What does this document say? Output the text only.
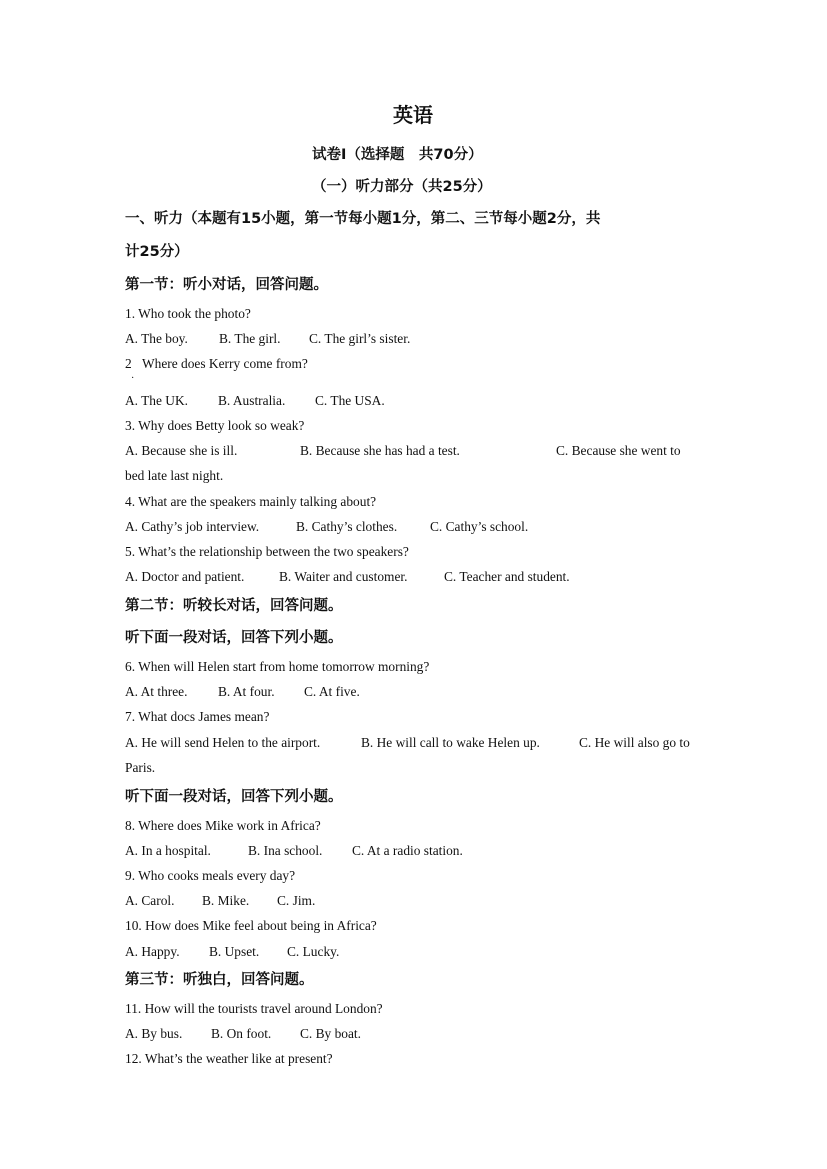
英语
试卷Ⅰ（选择题　共70分）
（一）听力部分（共25分）
一、听力（本题有15小题，第一节每小题1分，第二、三节每小题2分，共
计25分）
第一节：听小对话，回答问题。
1. Who took the photo?
A. The boy. B. The girl. C. The girl’s sister.
2
·
Where does Kerry come from?
A. The UK. B. Australia. C. The USA.
3. Why does Betty look so weak?
A. Because she is ill.	B. Because she has had a test.	C. Because she went to
bed late last night.
4. What are the speakers mainly talking about?
A. Cathy’s job interview.	B. Cathy’s clothes. C. Cathy’s school.
5. What’s the relationship between the two speakers?
A. Doctor and patient.	B. Waiter and customer.	C. Teacher and student.
第二节：听较长对话，回答问题。
听下面一段对话，回答下列小题。
6. When will Helen start from home tomorrow morning?
A. At three. B. At four. C. At five.
7. What docs James mean?
A. He will send Helen to the airport.	B. He will call to wake Helen up.	C. He will also go to
Paris.
听下面一段对话，回答下列小题。
8. Where does Mike work in Africa?
A. In a hospital.	B. Ina school. C. At a radio station.
9. Who cooks meals every day?
A. Carol. B. Mike. C. Jim.
10. How does Mike feel about being in Africa?
A. Happy. B. Upset. C. Lucky.
第三节：听独白，回答问题。
11. How will the tourists travel around London?
A. By bus. B. On foot. C. By boat.
12. What’s the weather like at present?
